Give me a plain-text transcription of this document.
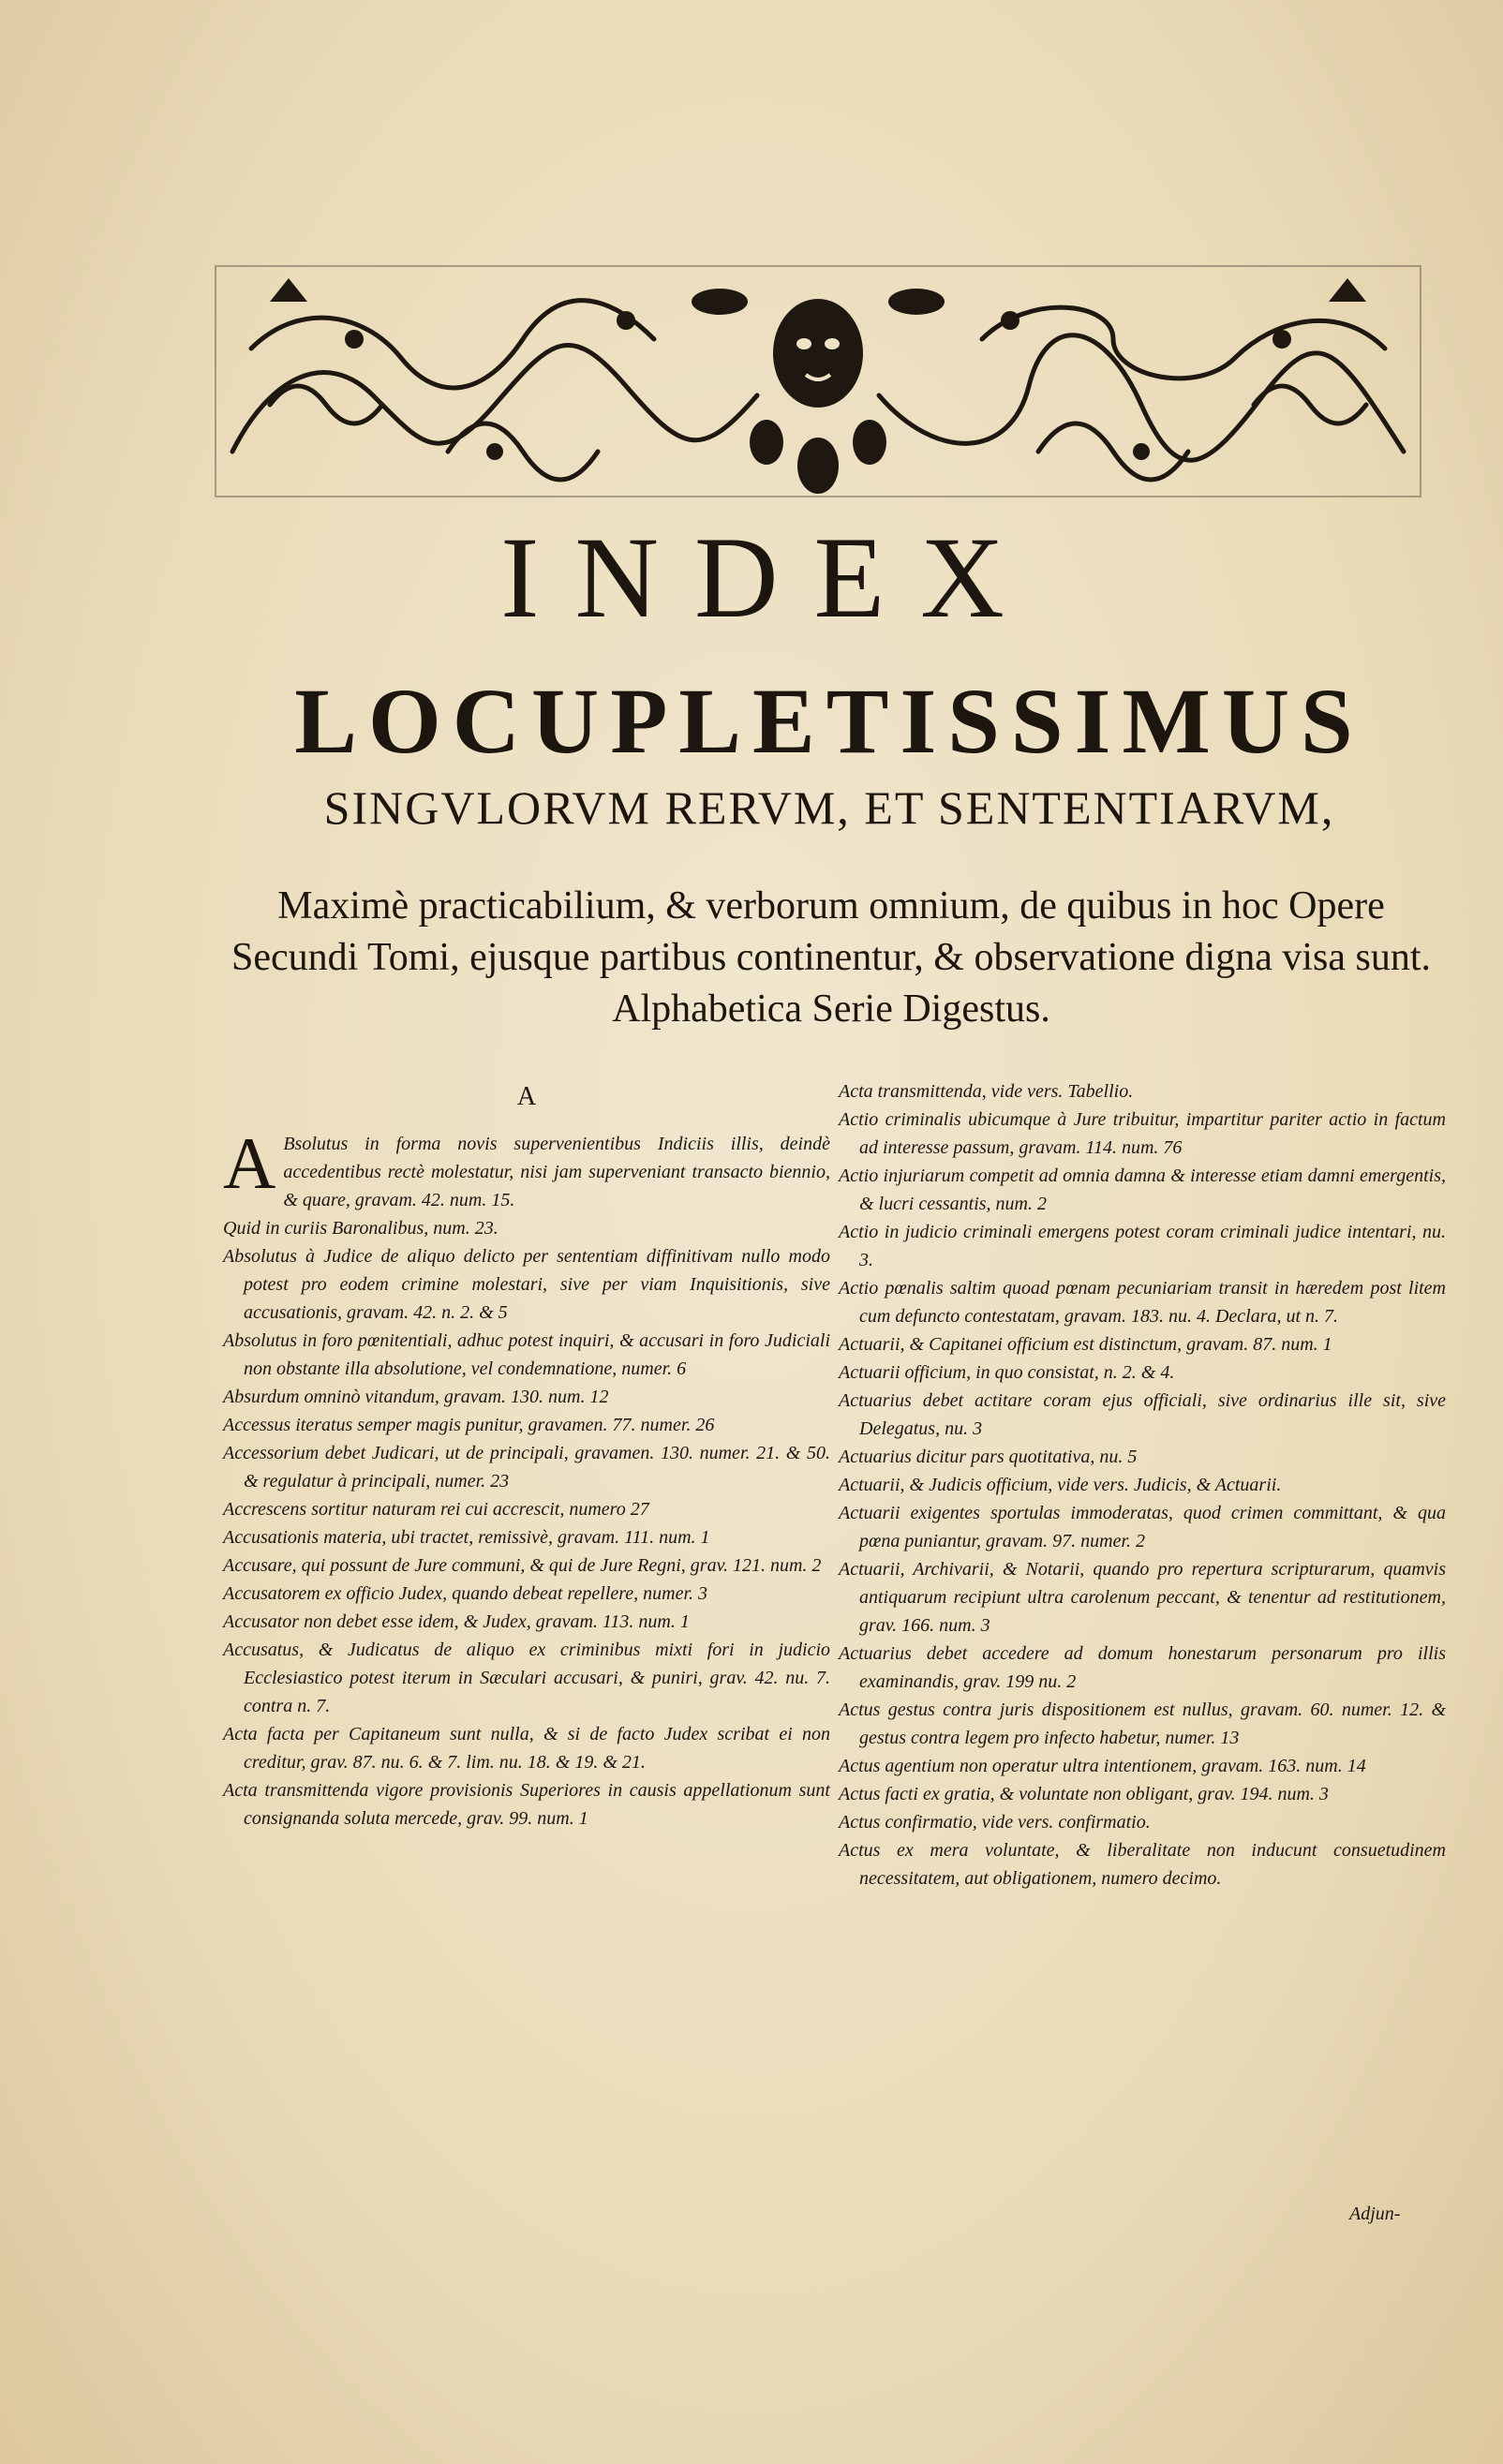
INDEX
LOCUPLETISSIMUS
SINGVLORVM RERVM, ET SENTENTIARVM,
Maximè practicabilium, & verborum omnium, de quibus in hoc Opere Secundi Tomi, ejusque partibus continentur, & observatione digna visa sunt. Alphabetica Serie Digestus.
A

A Bsolutus in forma novis supervenientibus Indiciis illis, deindè accedentibus rectè molestatur, nisi jam superveniant transacto biennio, & quare, gravam. 42. num. 15.

Quid in curiis Baronalibus, num. 23.

Absolutus à Judice de aliquo delicto per sententiam diffinitivam nullo modo potest pro eodem crimine molestari, sive per viam Inquisitionis, sive accusationis, gravam. 42. n. 2. & 5

Absolutus in foro pœnitentiali, adhuc potest inquiri, & accusari in foro Judiciali non obstante illa absolutione, vel condemnatione, numer. 6

Absurdum omninò vitandum, gravam. 130. num. 12

Accessus iteratus semper magis punitur, gravamen. 77. numer. 26

Accessorium debet Judicari, ut de principali, gravamen. 130. numer. 21. & 50. & regulatur à principali, numer. 23

Accrescens sortitur naturam rei cui accrescit, numero 27

Accusationis materia, ubi tractet, remissivè, gravam. 111. num. 1

Accusare, qui possunt de Jure communi, & qui de Jure Regni, grav. 121. num. 2

Accusatorem ex officio Judex, quando debeat repellere, numer. 3

Accusator non debet esse idem, & Judex, gravam. 113. num. 1

Accusatus, & Judicatus de aliquo ex criminibus mixti fori in judicio Ecclesiastico potest iterum in Sæculari accusari, & puniri, grav. 42. nu. 7. contra n. 7.

Acta facta per Capitaneum sunt nulla, & si de facto Judex scribat ei non creditur, grav. 87. nu. 6. & 7. lim. nu. 18. & 19. & 21.

Acta transmittenda vigore provisionis Superiores in causis appellationum sunt consignanda soluta mercede, grav. 99. num. 1

Acta transmittenda, vide vers. Tabellio.

Actio criminalis ubicumque à Jure tribuitur, impartitur pariter actio in factum ad interesse passum, gravam. 114. num. 76

Actio injuriarum competit ad omnia damna & interesse etiam damni emergentis, & lucri cessantis, num. 2

Actio in judicio criminali emergens potest coram criminali judice intentari, nu. 3.

Actio pœnalis saltim quoad pœnam pecuniariam transit in hæredem post litem cum defuncto contestatam, gravam. 183. nu. 4. Declara, ut n. 7.

Actuarii, & Capitanei officium est distinctum, gravam. 87. num. 1

Actuarii officium, in quo consistat, n. 2. & 4.

Actuarius debet actitare coram ejus officiali, sive ordinarius ille sit, sive Delegatus, nu. 3

Actuarius dicitur pars quotitativa, nu. 5

Actuarii, & Judicis officium, vide vers. Judicis, & Actuarii.

Actuarii exigentes sportulas immoderatas, quod crimen committant, & qua pœna puniantur, gravam. 97. numer. 2

Actuarii, Archivarii, & Notarii, quando pro repertura scripturarum, quamvis antiquarum recipiunt ultra carolenum peccant, & tenentur ad restitutionem, grav. 166. num. 3

Actuarius debet accedere ad domum honestarum personarum pro illis examinandis, grav. 199 nu. 2

Actus gestus contra juris dispositionem est nullus, gravam. 60. numer. 12. & gestus contra legem pro infecto habetur, numer. 13

Actus agentium non operatur ultra intentionem, gravam. 163. num. 14

Actus facti ex gratia, & voluntate non obligant, grav. 194. num. 3

Actus confirmatio, vide vers. confirmatio.

Actus ex mera voluntate, & liberalitate non inducunt consuetudinem necessitatem, aut obligationem, numero decimo.

Adjun-
